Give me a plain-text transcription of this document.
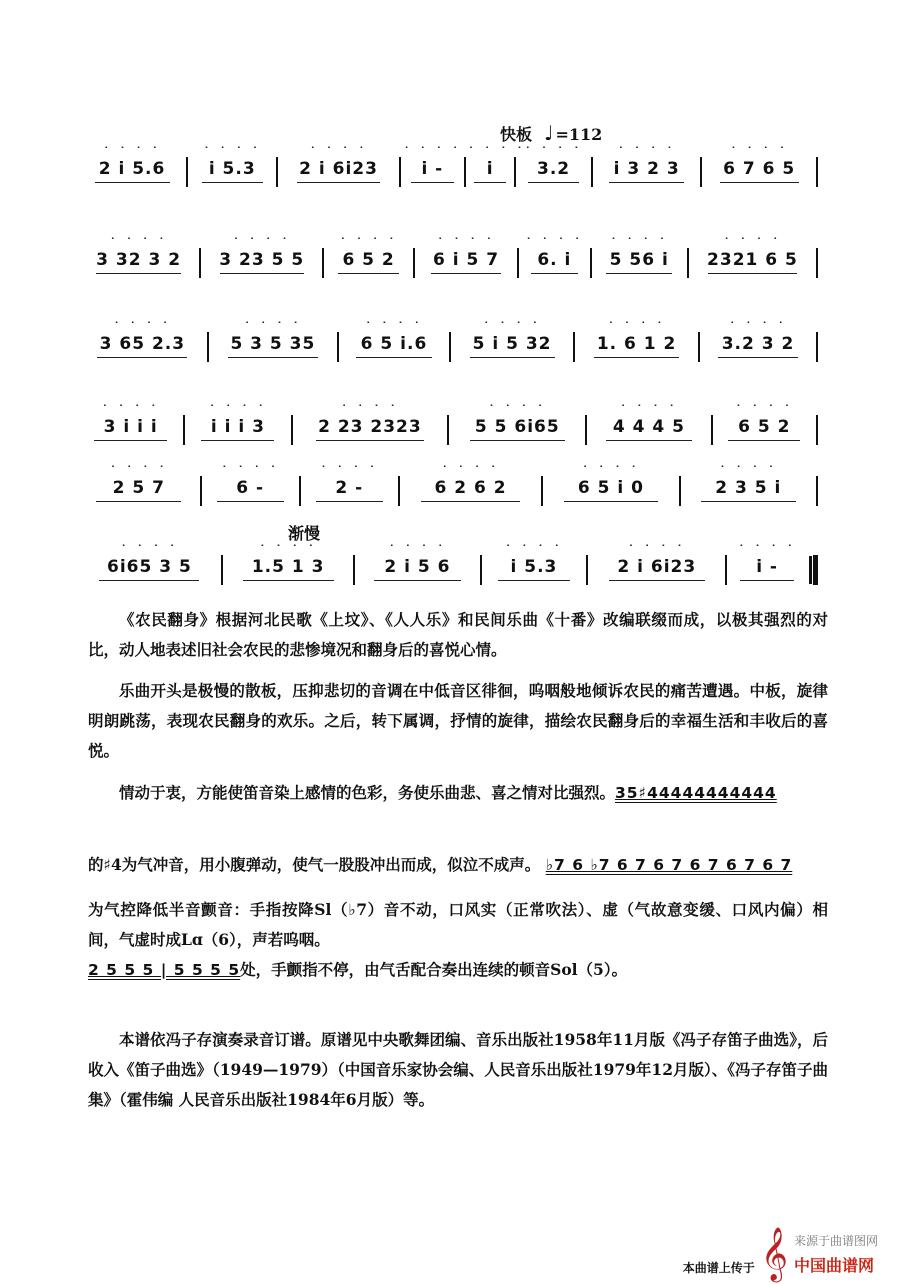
快板 ♩ =112
渐慢
˙ ˙ ˙ ˙ 2 i 5.6	˙ ˙ ˙ ˙ i 5.3	˙ ˙ ˙ ˙ 2 i 6i23	˙ ˙ ˙ ˙ i -	˙ ˙ ˙ ˙ i	˙ ˙ ˙ ˙ 3.2	˙ ˙ ˙ ˙ i 3 2 3	˙ ˙ ˙ ˙ 6 7 6 5
˙ ˙ ˙ ˙ 3 32 3 2	˙ ˙ ˙ ˙ 3 23 5 5	˙ ˙ ˙ ˙ 6 5 2	˙ ˙ ˙ ˙ 6 i 5 7	˙ ˙ ˙ ˙ 6. i	˙ ˙ ˙ ˙ 5 56 i	˙ ˙ ˙ ˙ 2321 6 5
˙ ˙ ˙ ˙ 3 65 2.3	˙ ˙ ˙ ˙ 5 3 5 35	˙ ˙ ˙ ˙ 6 5 i.6	˙ ˙ ˙ ˙ 5 i 5 32	˙ ˙ ˙ ˙ 1. 6 1 2	˙ ˙ ˙ ˙ 3.2 3 2
˙ ˙ ˙ ˙ 3 i i i	˙ ˙ ˙ ˙ i i i 3	˙ ˙ ˙ ˙ 2 23 2323	˙ ˙ ˙ ˙ 5 5 6i65	˙ ˙ ˙ ˙ 4 4 4 5	˙ ˙ ˙ ˙ 6 5 2
˙ ˙ ˙ ˙ 2 5 7	˙ ˙ ˙ ˙ 6 -	˙ ˙ ˙ ˙ 2 -	˙ ˙ ˙ ˙ 6 2 6 2	˙ ˙ ˙ ˙ 6 5 i 0	˙ ˙ ˙ ˙ 2 3 5 i
˙ ˙ ˙ ˙ 6i65 3 5	˙ ˙ ˙ ˙ 1.5 1 3	˙ ˙ ˙ ˙ 2 i 5 6	˙ ˙ ˙ ˙ i 5.3	˙ ˙ ˙ ˙ 2 i 6i23	˙ ˙ ˙ ˙ i -

《农民翻身》根据河北民歌《上坟》、《人人乐》和民间乐曲《十番》改编联缀而成，以极其强烈的对比，动人地表述旧社会农民的悲惨境况和翻身后的喜悦心情。

乐曲开头是极慢的散板，压抑悲切的音调在中低音区徘徊，呜咽般地倾诉农民的痛苦遭遇。中板，旋律明朗跳荡，表现农民翻身的欢乐。之后，转下属调，抒情的旋律，描绘农民翻身后的幸福生活和丰收后的喜悦。

情动于衷，方能使笛音染上感情的色彩，务使乐曲悲、喜之情对比强烈。35♯44444444444

的♯4为气冲音，用小腹弹动，使气一股股冲出而成，似泣不成声。 ♭7 6 ♭7 6 7 6 7 6 7 6 7 6 7

为气控降低半音颤音：手指按降Sl（♭7）音不动，口风实（正常吹法）、虚（气故意变缓、口风内偏）相间，气虚时成Lɑ（6），声若呜咽。

2 5 5 5 | 5 5 5 5处，手颤指不停，由气舌配合奏出连续的顿音Sol（5）。

本谱依冯子存演奏录音订谱。原谱见中央歌舞团编、音乐出版社1958年11月版《冯子存笛子曲选》，后收入《笛子曲选》（1949—1979）（中国音乐家协会编、人民音乐出版社1979年12月版）、《冯子存笛子曲集》（霍伟编 人民音乐出版社1984年6月版）等。

本曲谱上传于 𝄞 来源于曲谱图网
中国曲谱网
